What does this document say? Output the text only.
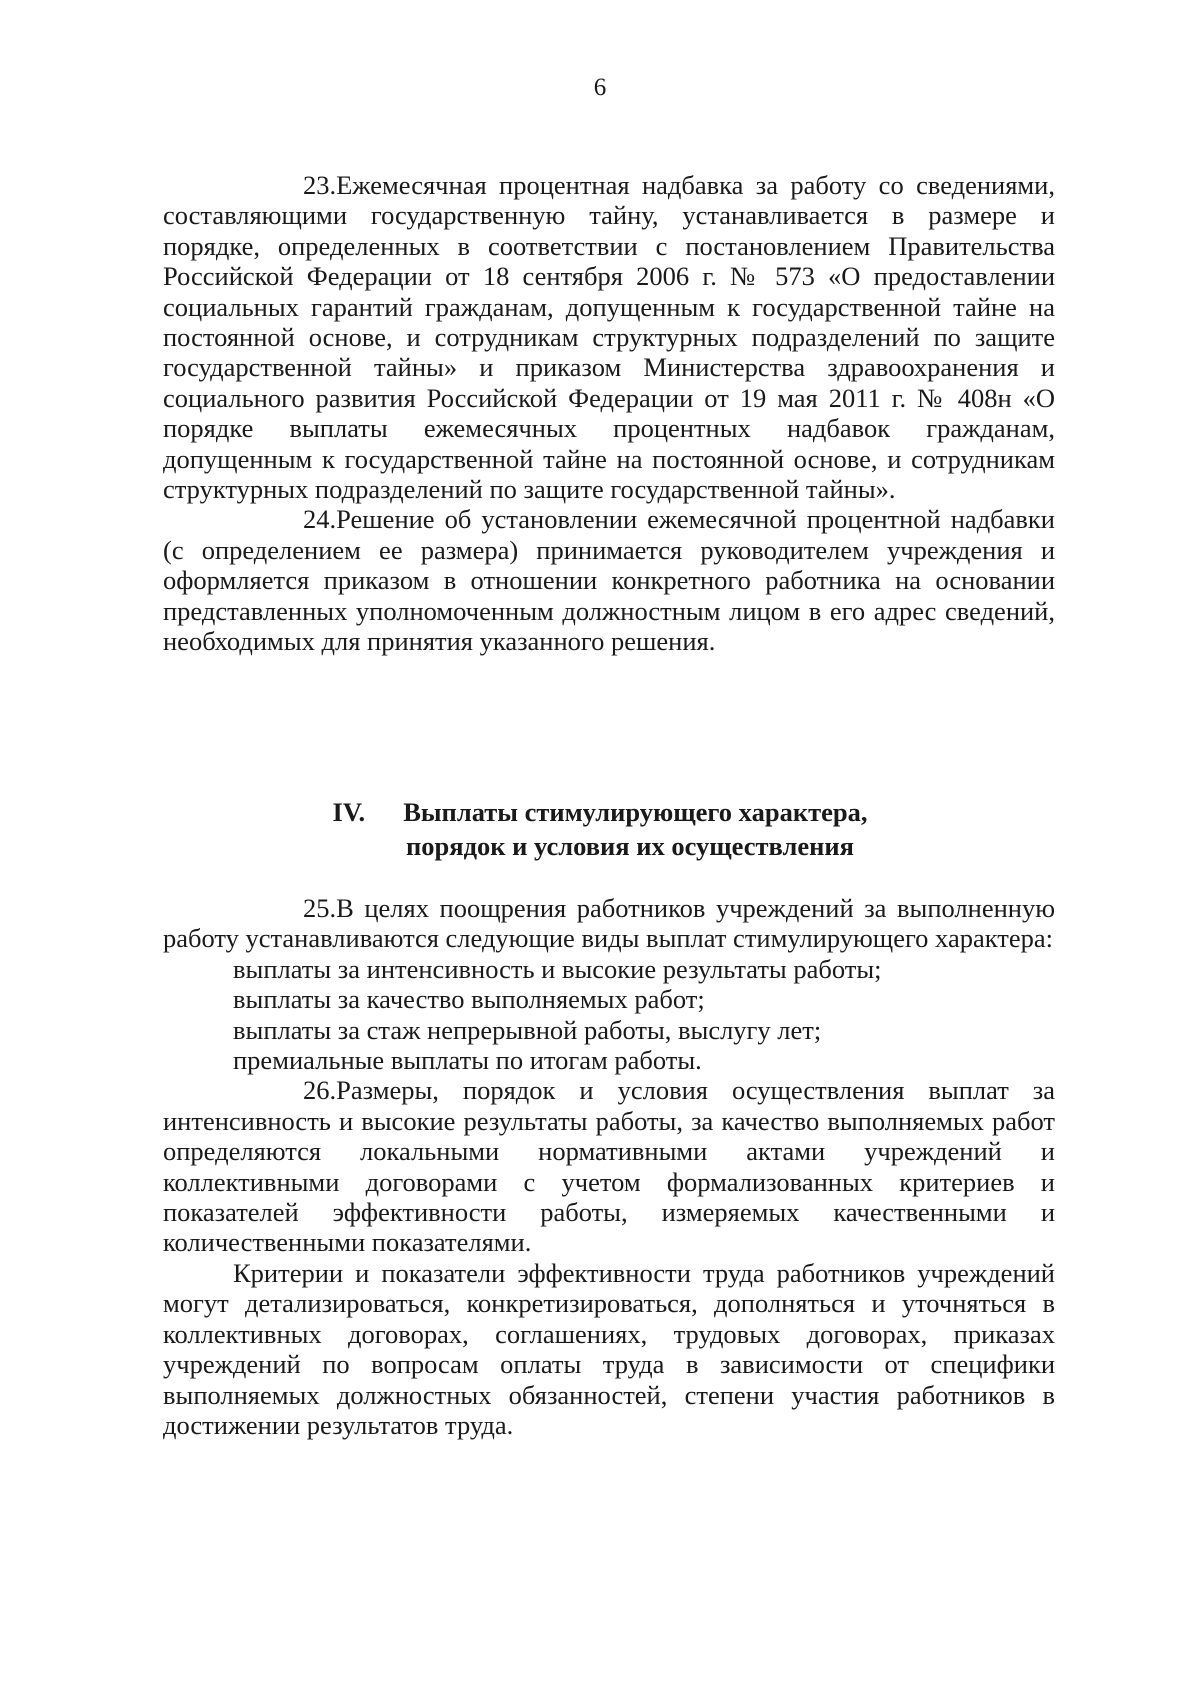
6

23.Ежемесячная процентная надбавка за работу со сведениями, составляющими государственную тайну, устанавливается в размере и порядке, определенных в соответствии с постановлением Правительства Российской Федерации от 18 сентября 2006 г. № 573 «О предоставлении социальных гарантий гражданам, допущенным к государственной тайне на постоянной основе, и сотрудникам структурных подразделений по защите государственной тайны» и приказом Министерства здравоохранения и социального развития Российской Федерации от 19 мая 2011 г. № 408н «О порядке выплаты ежемесячных процентных надбавок гражданам, допущенным к государственной тайне на постоянной основе, и сотрудникам структурных подразделений по защите государственной тайны».

24.Решение об установлении ежемесячной процентной надбавки (с определением ее размера) принимается руководителем учреждения и оформляется приказом в отношении конкретного работника на основании представленных уполномоченным должностным лицом в его адрес сведений, необходимых для принятия указанного решения.

IV. Выплаты стимулирующего характера,
порядок и условия их осуществления

25.В целях поощрения работников учреждений за выполненную работу устанавливаются следующие виды выплат стимулирующего характера:

выплаты за интенсивность и высокие результаты работы;

выплаты за качество выполняемых работ;

выплаты за стаж непрерывной работы, выслугу лет;

премиальные выплаты по итогам работы.

26.Размеры, порядок и условия осуществления выплат за интенсивность и высокие результаты работы, за качество выполняемых работ определяются локальными нормативными актами учреждений и коллективными договорами с учетом формализованных критериев и показателей эффективности работы, измеряемых качественными и количественными показателями.

Критерии и показатели эффективности труда работников учреждений могут детализироваться, конкретизироваться, дополняться и уточняться в коллективных договорах, соглашениях, трудовых договорах, приказах учреждений по вопросам оплаты труда в зависимости от специфики выполняемых должностных обязанностей, степени участия работников в достижении результатов труда.
